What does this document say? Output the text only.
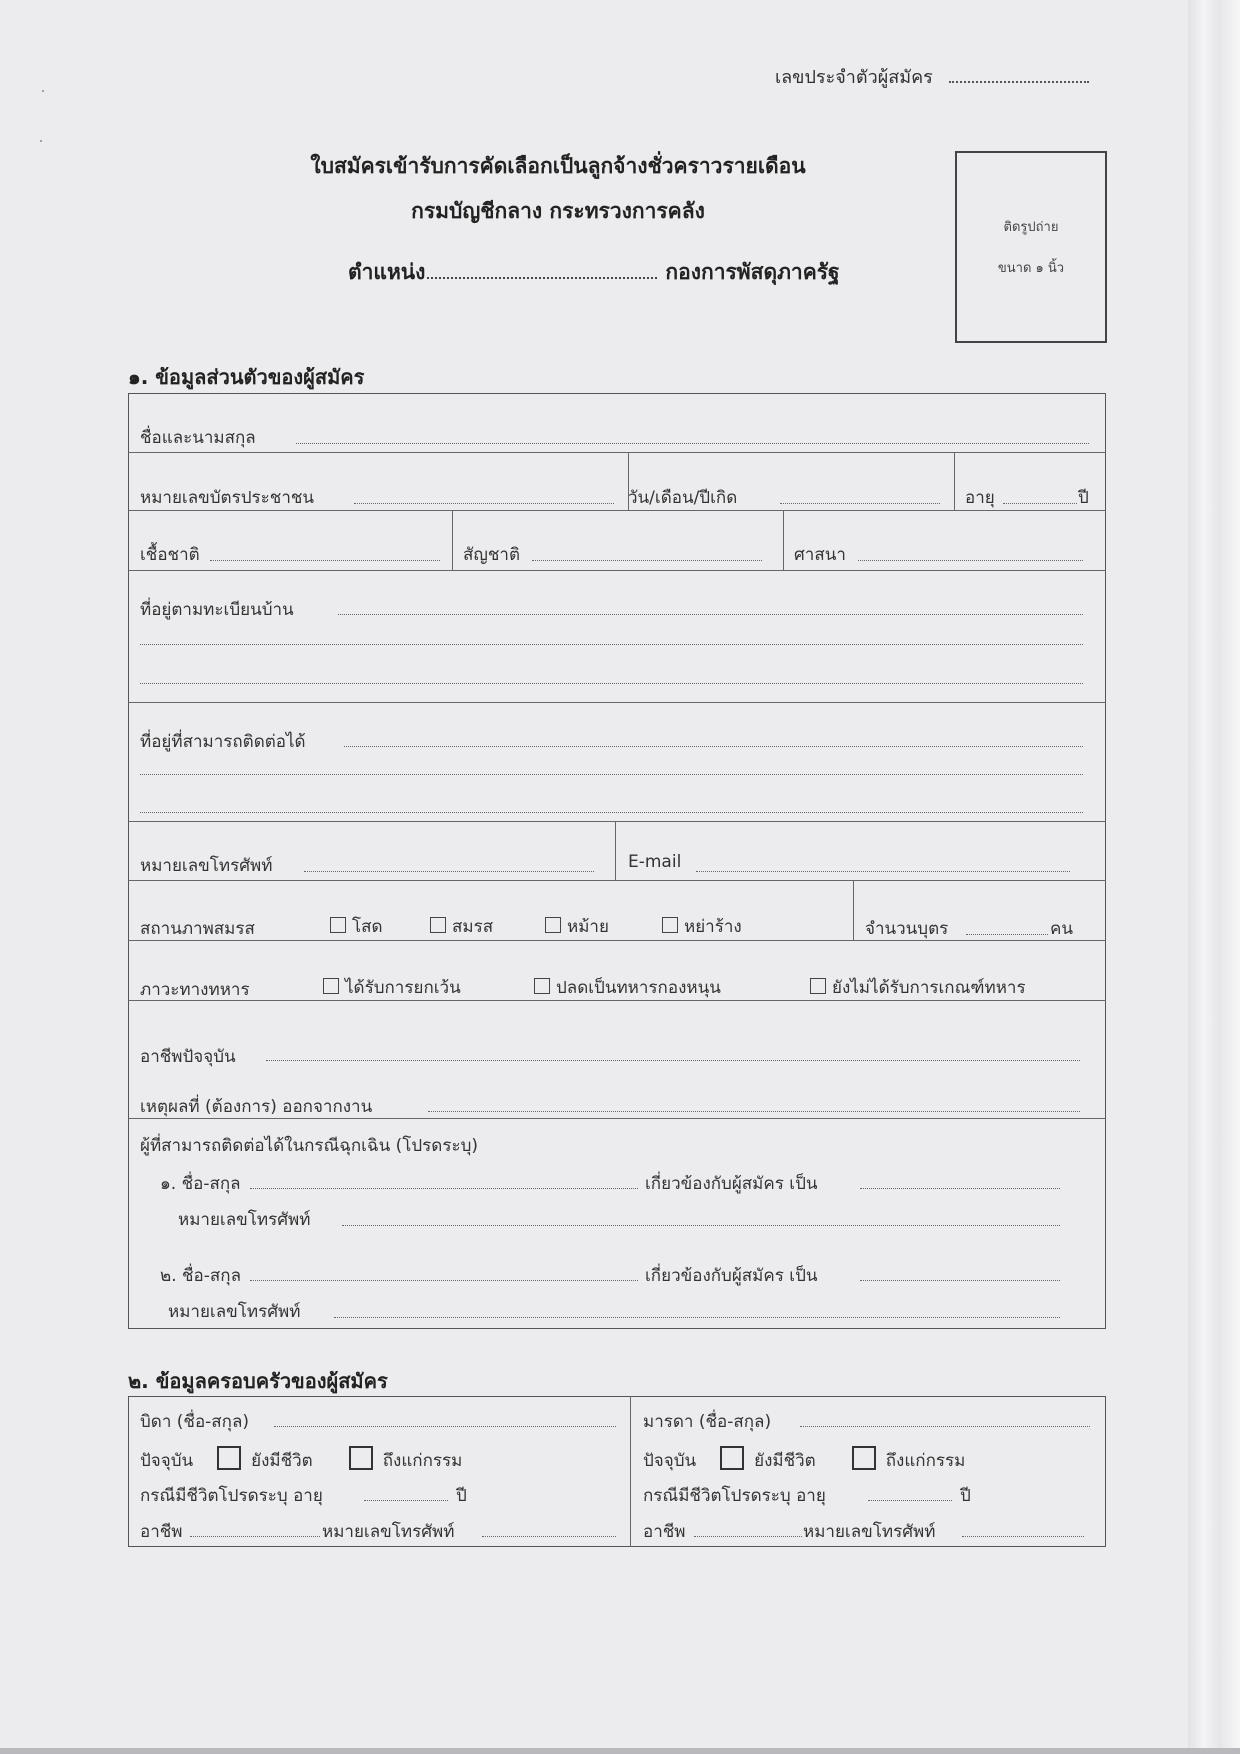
เลขประจำตัวผู้สมัคร
ใบสมัครเข้ารับการคัดเลือกเป็นลูกจ้างชั่วคราวรายเดือน
กรมบัญชีกลาง กระทรวงการคลัง
ตำแหน่ง	กองการพัสดุภาครัฐ
ติดรูปถ่าย
ขนาด ๑ นิ้ว
๑. ข้อมูลส่วนตัวของผู้สมัคร
ชื่อและนามสกุล
หมายเลขบัตรประชาชน	วัน/เดือน/ปีเกิด	อายุ	ปี
เชื้อชาติ	สัญชาติ	ศาสนา
ที่อยู่ตามทะเบียนบ้าน
ที่อยู่ที่สามารถติดต่อได้
หมายเลขโทรศัพท์	E-mail
สถานภาพสมรส	โสด	สมรส	หม้าย	หย่าร้าง	จำนวนบุตร	คน
ภาวะทางทหาร	ได้รับการยกเว้น	ปลดเป็นทหารกองหนุน	ยังไม่ได้รับการเกณฑ์ทหาร
อาชีพปัจจุบัน
เหตุผลที่ (ต้องการ) ออกจากงาน
ผู้ที่สามารถติดต่อได้ในกรณีฉุกเฉิน (โปรดระบุ)
๑. ชื่อ-สกุล	เกี่ยวข้องกับผู้สมัคร เป็น
หมายเลขโทรศัพท์
๒. ชื่อ-สกุล	เกี่ยวข้องกับผู้สมัคร เป็น
หมายเลขโทรศัพท์
๒. ข้อมูลครอบครัวของผู้สมัคร
บิดา (ชื่อ-สกุล)
ปัจจุบัน	ยังมีชีวิต	ถึงแก่กรรม
กรณีมีชีวิตโปรดระบุ อายุ	ปี
อาชีพ	หมายเลขโทรศัพท์
มารดา (ชื่อ-สกุล)
ปัจจุบัน	ยังมีชีวิต	ถึงแก่กรรม
กรณีมีชีวิตโปรดระบุ อายุ	ปี
อาชีพ	หมายเลขโทรศัพท์
